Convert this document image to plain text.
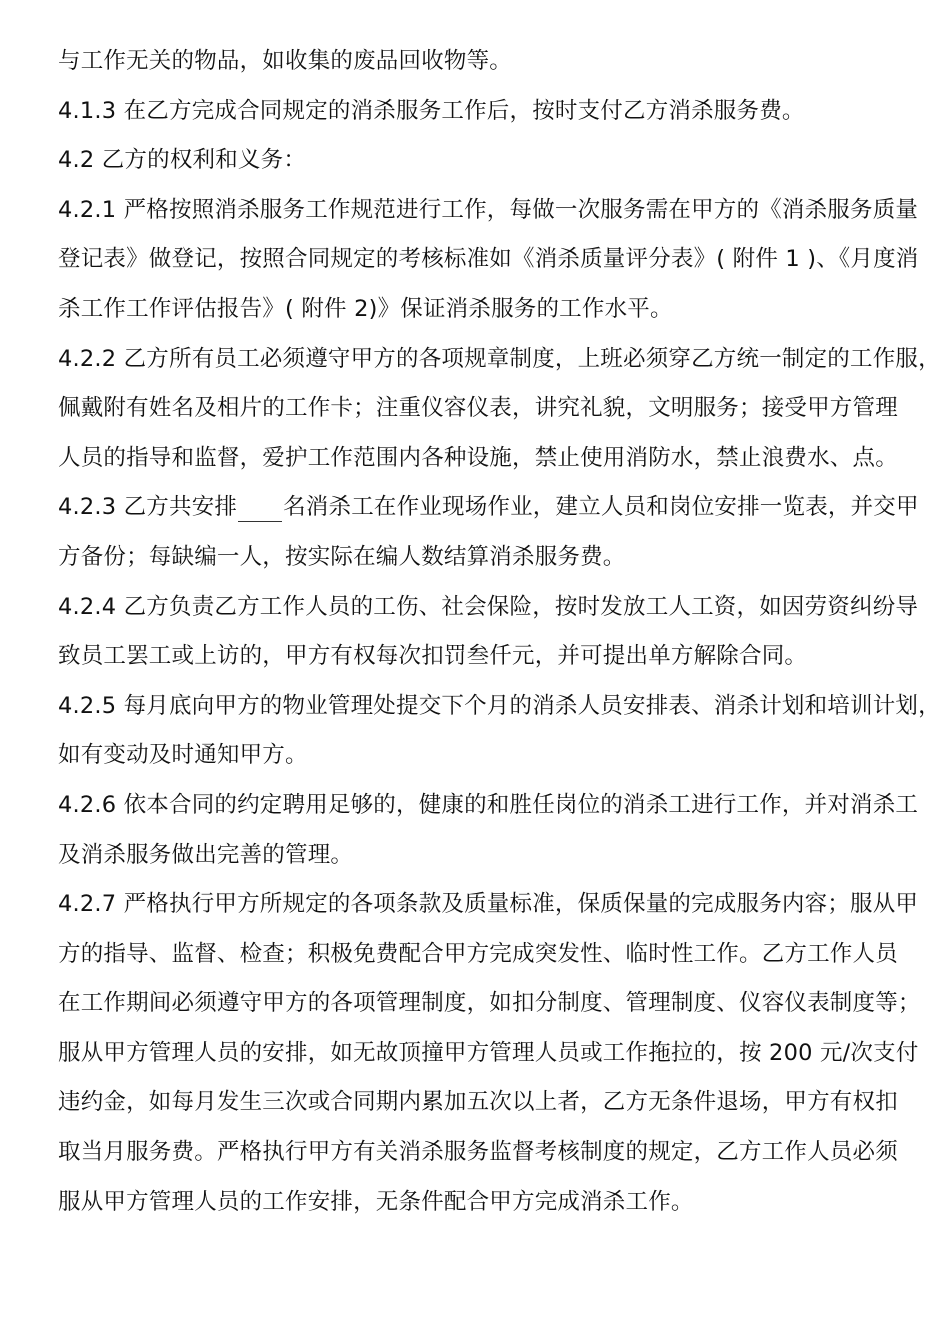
与工作无关的物品，如收集的废品回收物等。
4.1.3 在乙方完成合同规定的消杀服务工作后，按时支付乙方消杀服务费。
4.2 乙方的权利和义务：
4.2.1 严格按照消杀服务工作规范进行工作，每做一次服务需在甲方的《消杀服务质量
登记表》做登记，按照合同规定的考核标准如《消杀质量评分表》( 附件 1 )、《月度消
杀工作工作评估报告》( 附件 2)》保证消杀服务的工作水平。
4.2.2 乙方所有员工必须遵守甲方的各项规章制度，上班必须穿乙方统一制定的工作服，
佩戴附有姓名及相片的工作卡；注重仪容仪表，讲究礼貌，文明服务；接受甲方管理
人员的指导和监督，爱护工作范围内各种设施，禁止使用消防水，禁止浪费水、点。
4.2.3 乙方共安排 名消杀工在作业现场作业，建立人员和岗位安排一览表，并交甲
方备份；每缺编一人，按实际在编人数结算消杀服务费。
4.2.4 乙方负责乙方工作人员的工伤、社会保险，按时发放工人工资，如因劳资纠纷导
致员工罢工或上访的，甲方有权每次扣罚叁仟元，并可提出单方解除合同。
4.2.5 每月底向甲方的物业管理处提交下个月的消杀人员安排表、消杀计划和培训计划，
如有变动及时通知甲方。
4.2.6 依本合同的约定聘用足够的，健康的和胜任岗位的消杀工进行工作，并对消杀工
及消杀服务做出完善的管理。
4.2.7 严格执行甲方所规定的各项条款及质量标准，保质保量的完成服务内容；服从甲
方的指导、监督、检查；积极免费配合甲方完成突发性、临时性工作。乙方工作人员
在工作期间必须遵守甲方的各项管理制度，如扣分制度、管理制度、仪容仪表制度等；
服从甲方管理人员的安排，如无故顶撞甲方管理人员或工作拖拉的，按 200 元/次支付
违约金，如每月发生三次或合同期内累加五次以上者，乙方无条件退场，甲方有权扣
取当月服务费。严格执行甲方有关消杀服务监督考核制度的规定，乙方工作人员必须
服从甲方管理人员的工作安排，无条件配合甲方完成消杀工作。
